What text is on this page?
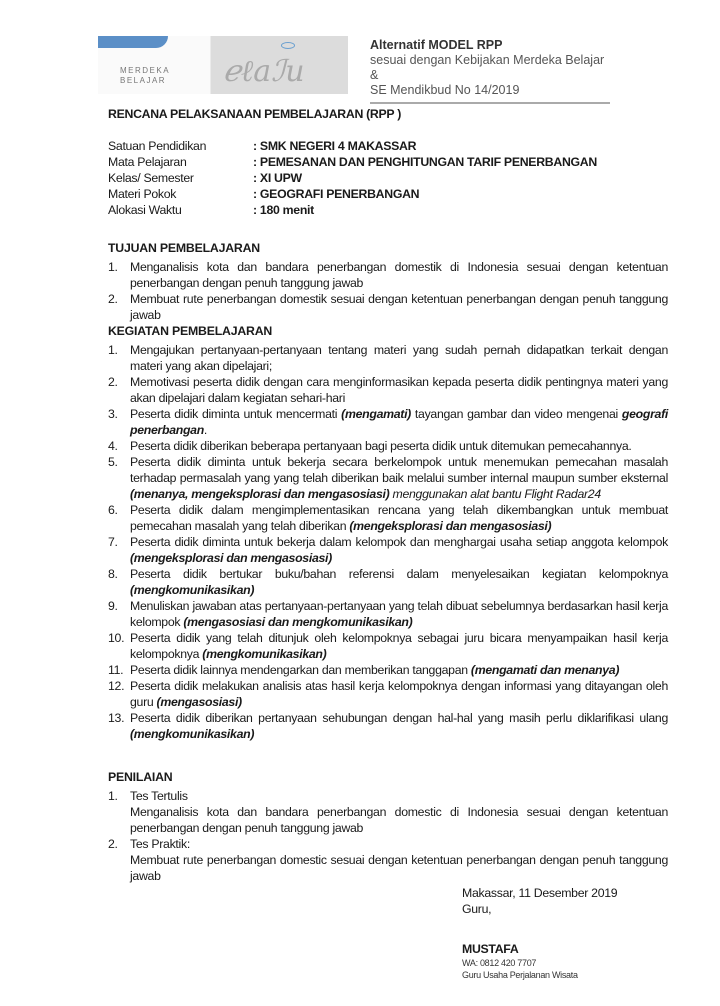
MERDEKA
BELAJAR ℯℓaℐu
Alternatif MODEL RPP
sesuai dengan Kebijakan Merdeka Belajar &
SE Mendikbud No 14/2019
RENCANA PELAKSANAAN PEMBELAJARAN (RPP )
Satuan Pendidikan	: SMK NEGERI 4 MAKASSAR
Mata Pelajaran	: PEMESANAN DAN PENGHITUNGAN TARIF PENERBANGAN
Kelas/ Semester	: XI UPW
Materi Pokok	: GEOGRAFI PENERBANGAN
Alokasi Waktu	: 180 menit
TUJUAN PEMBELAJARAN
1.	Menganalisis kota dan bandara penerbangan domestik di Indonesia sesuai dengan ketentuan penerbangan dengan penuh tanggung jawab
2.	Membuat rute penerbangan domestik sesuai dengan ketentuan penerbangan dengan penuh tanggung jawab
KEGIATAN PEMBELAJARAN
1.	Mengajukan pertanyaan-pertanyaan tentang materi yang sudah pernah didapatkan terkait dengan materi yang akan dipelajari;
2.	Memotivasi peserta didik dengan cara menginformasikan kepada peserta didik pentingnya materi yang akan dipelajari dalam kegiatan sehari-hari
3.	Peserta didik diminta untuk mencermati (mengamati) tayangan gambar dan video mengenai geografi penerbangan.
4.	Peserta didik diberikan beberapa pertanyaan bagi peserta didik untuk ditemukan pemecahannya.
5.	Peserta didik diminta untuk bekerja secara berkelompok untuk menemukan pemecahan masalah terhadap permasalah yang yang telah diberikan baik melalui sumber internal maupun sumber eksternal (menanya, mengeksplorasi dan mengasosiasi) menggunakan alat bantu Flight Radar24
6.	Peserta didik dalam mengimplementasikan rencana yang telah dikembangkan untuk membuat pemecahan masalah yang telah diberikan (mengeksplorasi dan mengasosiasi)
7.	Peserta didik diminta untuk bekerja dalam kelompok dan menghargai usaha setiap anggota kelompok (mengeksplorasi dan mengasosiasi)
8.	Peserta didik bertukar buku/bahan referensi dalam menyelesaikan kegiatan kelompoknya (mengkomunikasikan)
9.	Menuliskan jawaban atas pertanyaan-pertanyaan yang telah dibuat sebelumnya berdasarkan hasil kerja kelompok (mengasosiasi dan mengkomunikasikan)
10. Peserta didik yang telah ditunjuk oleh kelompoknya sebagai juru bicara menyampaikan hasil kerja kelompoknya (mengkomunikasikan)
11. Peserta didik lainnya mendengarkan dan memberikan tanggapan (mengamati dan menanya)
12. Peserta didik melakukan analisis atas hasil kerja kelompoknya dengan informasi yang ditayangan oleh guru (mengasosiasi)
13. Peserta didik diberikan pertanyaan sehubungan dengan hal-hal yang masih perlu diklarifikasi ulang (mengkomunikasikan)
PENILAIAN
1.	Tes Tertulis
Menganalisis kota dan bandara penerbangan domestic di Indonesia sesuai dengan ketentuan penerbangan dengan penuh tanggung jawab
2.	Tes Praktik:
Membuat rute penerbangan domestic sesuai dengan ketentuan penerbangan dengan penuh tanggung jawab
Makassar, 11 Desember 2019
Guru,
MUSTAFA
WA: 0812 420 7707
Guru Usaha Perjalanan Wisata
